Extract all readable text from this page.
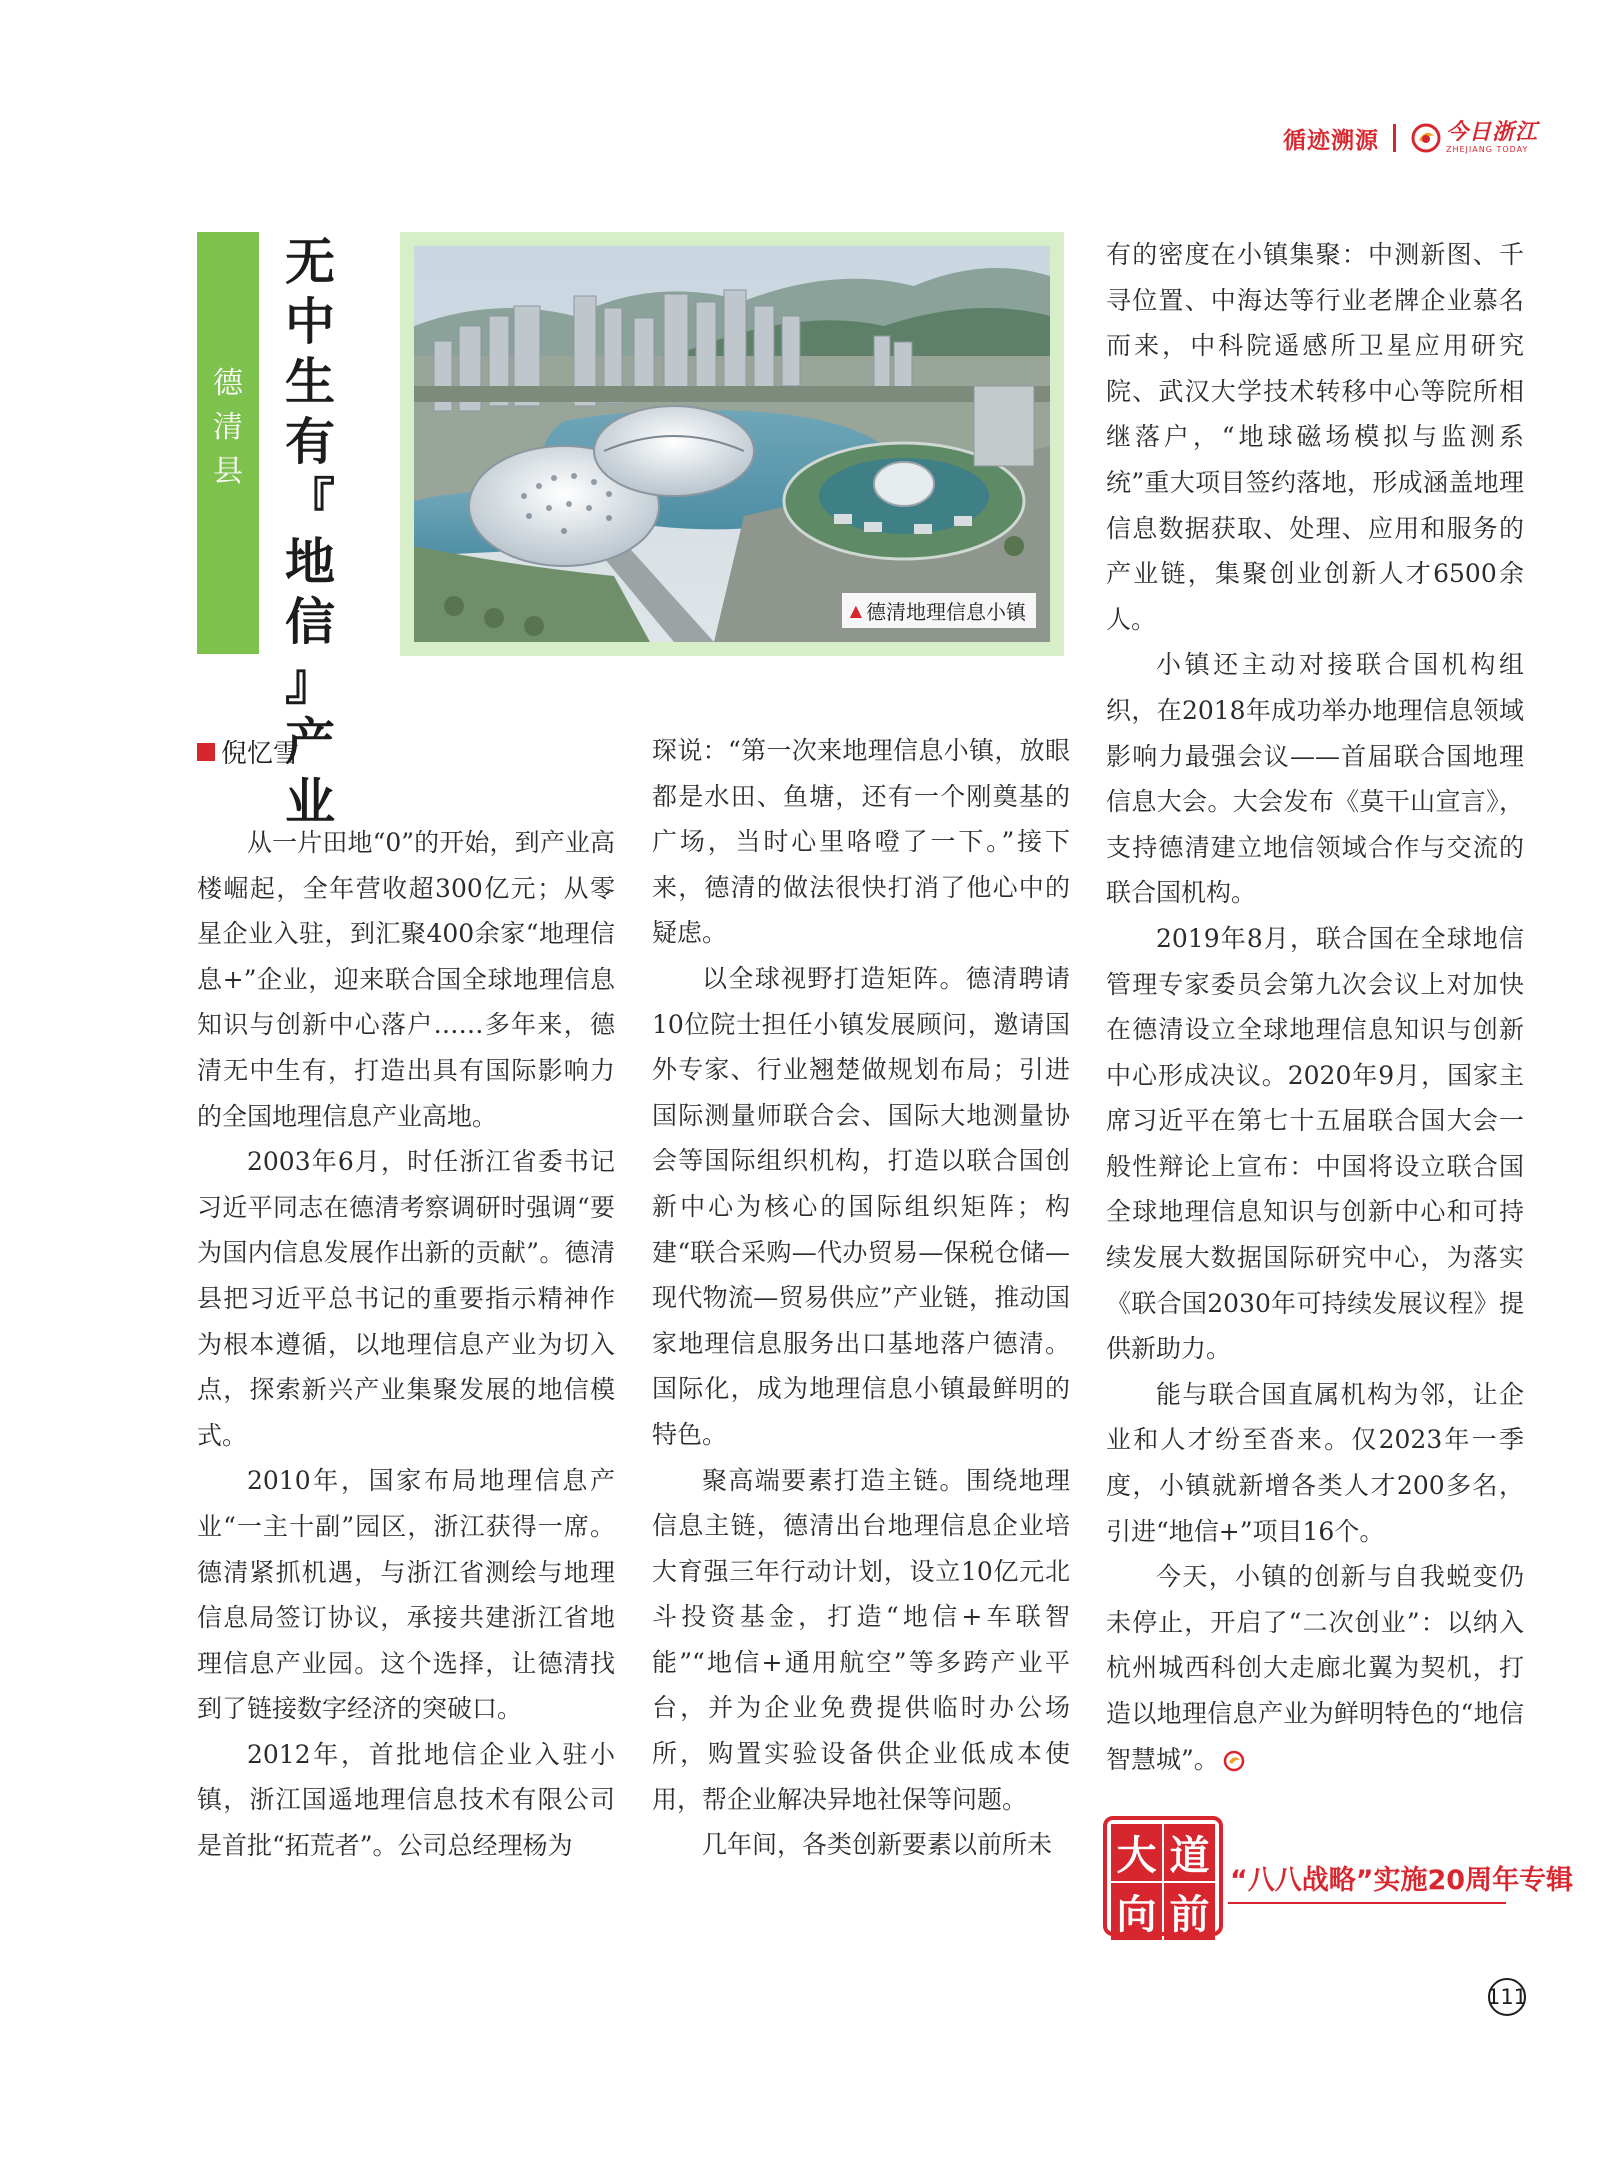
循迹溯源	今日浙江
ZHEJIANG TODAY
德
清
县
无
中
生
有
『
地
信
』
产
业
▲ 德清地理信息小镇
倪忆雪

从一片田地“0”的开始，到产业高楼崛起，全年营收超300亿元；从零星企业入驻，到汇聚400余家“地理信息+”企业，迎来联合国全球地理信息知识与创新中心落户……多年来，德清无中生有，打造出具有国际影响力的全国地理信息产业高地。

2003年6月，时任浙江省委书记习近平同志在德清考察调研时强调“要为国内信息发展作出新的贡献”。德清县把习近平总书记的重要指示精神作为根本遵循，以地理信息产业为切入点，探索新兴产业集聚发展的地信模式。

2010年，国家布局地理信息产业“一主十副”园区，浙江获得一席。德清紧抓机遇，与浙江省测绘与地理信息局签订协议，承接共建浙江省地理信息产业园。这个选择，让德清找到了链接数字经济的突破口。

2012年，首批地信企业入驻小镇，浙江国遥地理信息技术有限公司是首批“拓荒者”。公司总经理杨为

琛说：“第一次来地理信息小镇，放眼都是水田、鱼塘，还有一个刚奠基的广场，当时心里咯噔了一下。”接下来，德清的做法很快打消了他心中的疑虑。

以全球视野打造矩阵。德清聘请10位院士担任小镇发展顾问，邀请国外专家、行业翘楚做规划布局；引进国际测量师联合会、国际大地测量协会等国际组织机构，打造以联合国创新中心为核心的国际组织矩阵；构建“联合采购—代办贸易—保税仓储—现代物流—贸易供应”产业链，推动国家地理信息服务出口基地落户德清。国际化，成为地理信息小镇最鲜明的特色。

聚高端要素打造主链。围绕地理信息主链，德清出台地理信息企业培大育强三年行动计划，设立10亿元北斗投资基金，打造“地信+车联智能”“地信+通用航空”等多跨产业平台，并为企业免费提供临时办公场所，购置实验设备供企业低成本使用，帮企业解决异地社保等问题。

几年间，各类创新要素以前所未

有的密度在小镇集聚：中测新图、千寻位置、中海达等行业老牌企业慕名而来，中科院遥感所卫星应用研究院、武汉大学技术转移中心等院所相继落户，“地球磁场模拟与监测系统”重大项目签约落地，形成涵盖地理信息数据获取、处理、应用和服务的产业链，集聚创业创新人才6500余人。

小镇还主动对接联合国机构组织，在2018年成功举办地理信息领域影响力最强会议——首届联合国地理信息大会。大会发布《莫干山宣言》，支持德清建立地信领域合作与交流的联合国机构。

2019年8月，联合国在全球地信管理专家委员会第九次会议上对加快在德清设立全球地理信息知识与创新中心形成决议。2020年9月，国家主席习近平在第七十五届联合国大会一般性辩论上宣布：中国将设立联合国全球地理信息知识与创新中心和可持续发展大数据国际研究中心，为落实《联合国2030年可持续发展议程》提供新助力。

能与联合国直属机构为邻，让企业和人才纷至沓来。仅2023年一季度，小镇就新增各类人才200多名，引进“地信+”项目16个。

今天，小镇的创新与自我蜕变仍未停止，开启了“二次创业”：以纳入杭州城西科创大走廊北翼为契机，打造以地理信息产业为鲜明特色的“地信智慧城”。

大 道
向 前
“八八战略”实施20周年专辑
111
